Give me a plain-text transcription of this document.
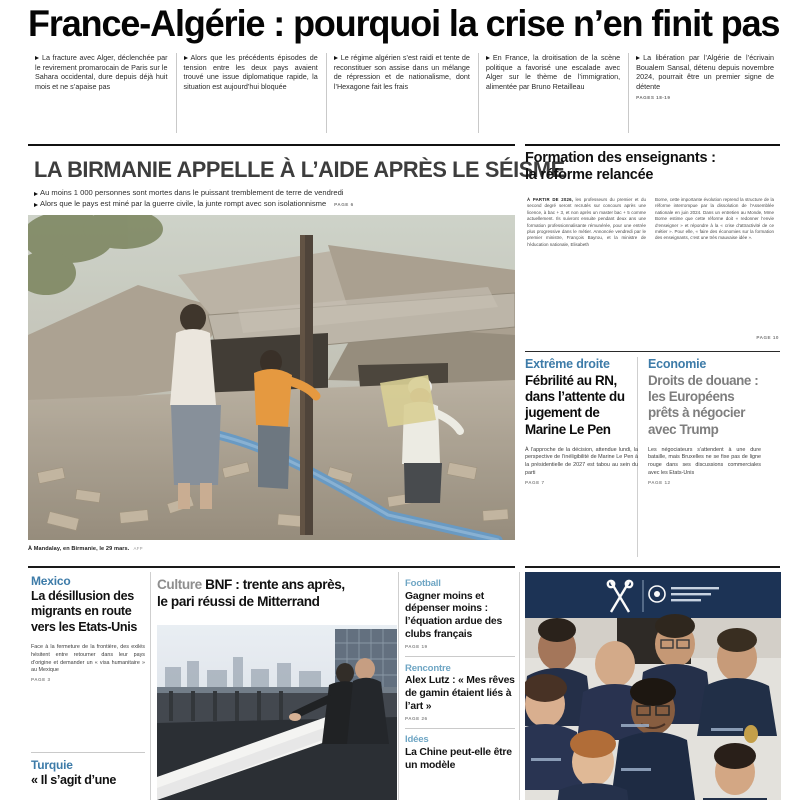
France-Algérie : pourquoi la crise n’en finit pas
La fracture avec Alger, déclenchée par le revirement promarocain de Paris sur le Sahara occidental, dure depuis déjà huit mois et ne s’apaise pas
Alors que les précédents épisodes de tension entre les deux pays avaient trouvé une issue diplomatique rapide, la situation est aujourd’hui bloquée
Le régime algérien s’est raidi et tente de reconstituer son assise dans un mélange de répression et de nationalisme, dont l’Hexagone fait les frais
En France, la droitisation de la scène politique a favorisé une escalade avec Alger sur le thème de l’immigration, alimentée par Bruno Retailleau
La libération par l’Algérie de l’écrivain Boualem Sansal, détenu depuis novembre 2024, pourrait être un premier signe de détente
PAGES 18-19
LA BIRMANIE APPELLE À L’AIDE APRÈS LE SÉISME
Au moins 1 000 personnes sont mortes dans le puissant tremblement de terre de vendredi
Alors que le pays est miné par la guerre civile, la junte rompt avec son isolationnisme PAGE 6
À Mandalay, en Birmanie, le 29 mars. AFP
Formation des enseignants :
la réforme relancée
À PARTIR DE 2026, les professeurs du premier et du second degré seront recrutés sur concours après une licence, à bac + 3, et non après un master bac + 5 comme actuellement. Ils suivront ensuite pendant deux ans une formation professionnalisante rémunérée, pour une entrée plus progressive dans le métier. Annoncée vendredi par le premier ministre, François Bayrou, et la ministre de l’éducation nationale, Elisabeth
Borne, cette importante évolution reprend la structure de la réforme interrompue par la dissolution de l’Assemblée nationale en juin 2024. Dans un entretien au Monde, Mme Borne estime que cette réforme doit « redonner l’envie d’enseigner » et répondre à la « crise d’attractivité de ce métier ». Pour elle, « faire des économies sur la formation des enseignants, c’est une très mauvaise idée ».
PAGE 10
Extrême droite
Fébrilité au RN, dans l’attente du jugement de Marine Le Pen
À l’approche de la décision, attendue lundi, la perspective de l’inéligibilité de Marine Le Pen à la présidentielle de 2027 est tabou au sein du parti
PAGE 7
Economie
Droits de douane : les Européens prêts à négocier avec Trump
Les négociateurs s’attendent à une dure bataille, mais Bruxelles ne se fixe pas de ligne rouge dans ses discussions commerciales avec les Etats-Unis
PAGE 12
Mexico
La désillusion des migrants en route vers les Etats-Unis
Face à la fermeture de la frontière, des exilés hésitent entre retourner dans leur pays d’origine et demander un « visa humanitaire » au Mexique
PAGE 3
Turquie
« Il s’agit d’une
Culture BNF : trente ans après,
le pari réussi de Mitterrand
Football
Gagner moins et dépenser moins : l’équation ardue des clubs français
PAGE 19
Rencontre
Alex Lutz : « Mes rêves de gamin étaient liés à l’art »
PAGE 26
Idées
La Chine peut-elle être un modèle
